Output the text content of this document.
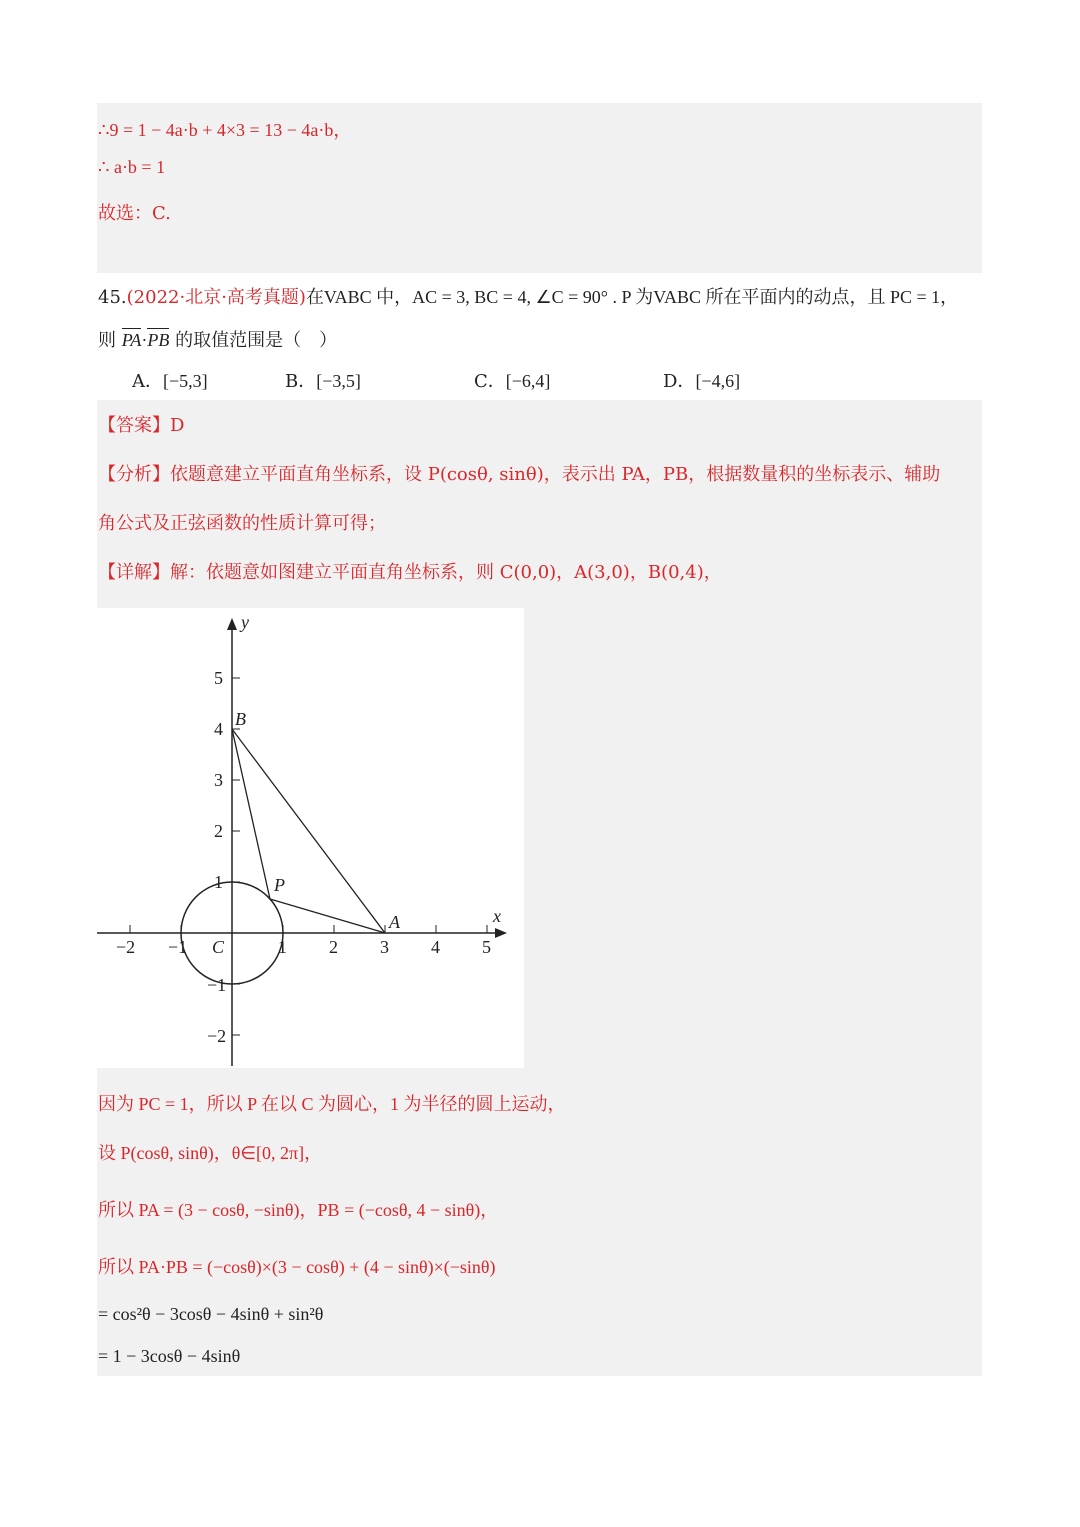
∴9 = 1 − 4a·b + 4×3 = 13 − 4a·b，
∴ a·b = 1
故选：C.
45.(2022·北京·高考真题)在VABC 中，AC = 3, BC = 4, ∠C = 90° . P 为VABC 所在平面内的动点，且 PC = 1，
则 PA·PB 的取值范围是（　）
A．[−5,3]	B．[−3,5]	C．[−6,4]	D．[−4,6]
【答案】D
【分析】依题意建立平面直角坐标系，设 P(cosθ, sinθ)，表示出 PA，PB，根据数量积的坐标表示、辅助
角公式及正弦函数的性质计算可得；
【详解】解：依题意如图建立平面直角坐标系，则 C(0,0)，A(3,0)，B(0,4)，
x
y
−2 −1	1 2 3 4 5
5
4
3
2
1
−1
−2
B
A
P
C
因为 PC = 1，所以 P 在以 C 为圆心，1 为半径的圆上运动，
设 P(cosθ, sinθ)，θ∈[0, 2π]，
所以 PA = (3 − cosθ, −sinθ)，PB = (−cosθ, 4 − sinθ)，
所以 PA·PB = (−cosθ)×(3 − cosθ) + (4 − sinθ)×(−sinθ)
= cos²θ − 3cosθ − 4sinθ + sin²θ
= 1 − 3cosθ − 4sinθ
